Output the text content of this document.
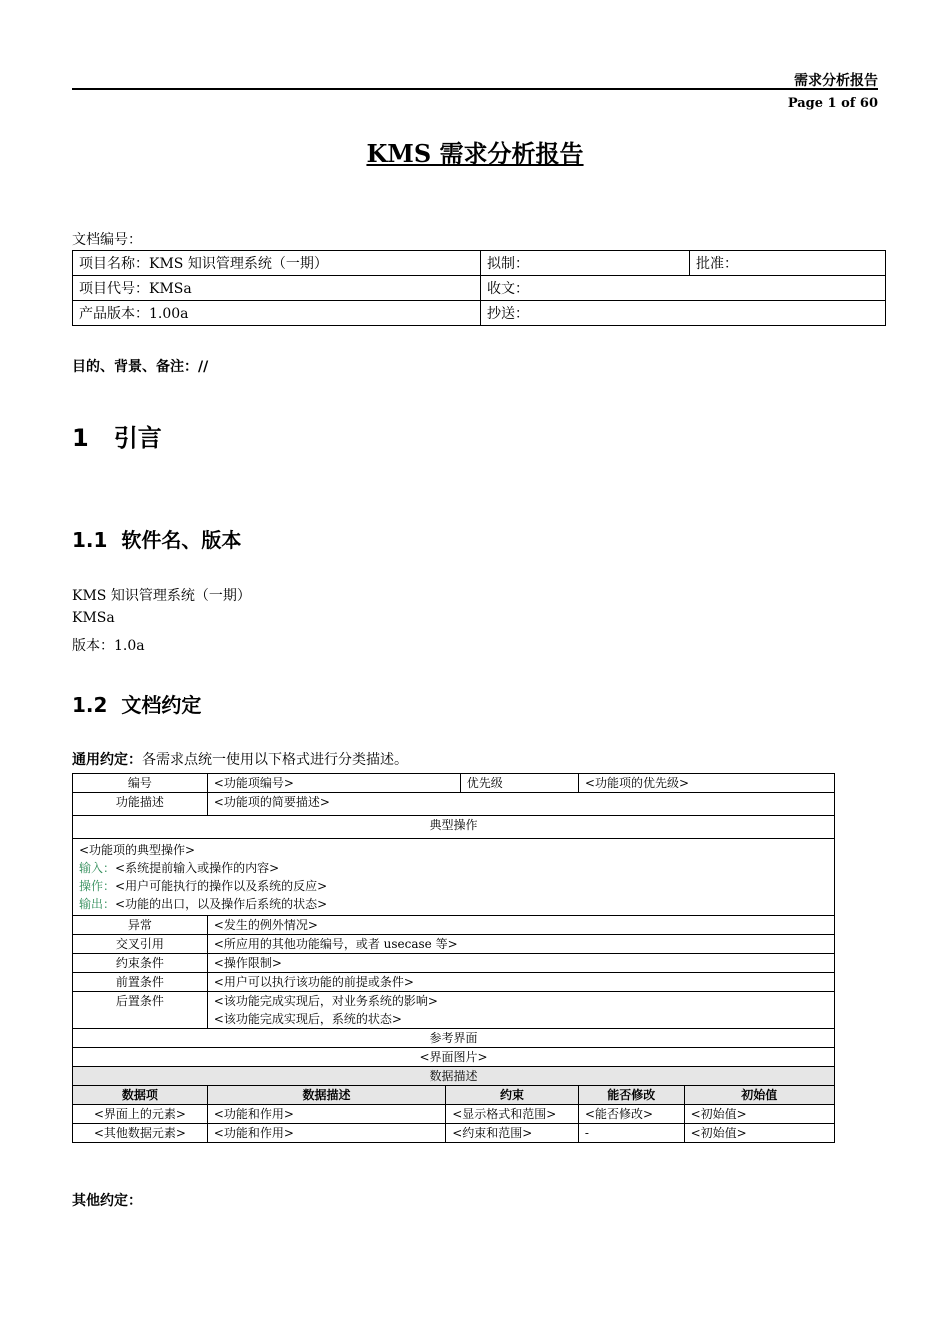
需求分析报告
Page 1 of 60
KMS 需求分析报告
文档编号：
项目名称：KMS 知识管理系统（一期）	拟制：	批准：
项目代号：KMSa	收文：	
产品版本：1.00a	抄送：	
目的、背景、备注：//
1 引言
1.1 软件名、版本
KMS 知识管理系统（一期）
KMSa
版本：1.0a
1.2 文档约定
通用约定：各需求点统一使用以下格式进行分类描述。
编号	<功能项编号>		优先级	<功能项的优先级>	
功能描述	<功能项的简要描述>				
典型操作					

<功能项的典型操作>
输入：<系统提前输入或操作的内容>
操作：<用户可能执行的操作以及系统的反应>
输出：<功能的出口，以及操作后系统的状态>					

异常	<发生的例外情况>				
交叉引用	<所应用的其他功能编号，或者 usecase 等>				
约束条件	<操作限制>				
前置条件	<用户可以执行该功能的前提或条件>				
后置条件	<该功能完成实现后，对业务系统的影响>
<该功能完成实现后，系统的状态>				

参考界面					
<界面图片>					
数据描述					
数据项	数据描述	约束		能否修改	初始值
<界面上的元素>	<功能和作用>	<显示格式和范围>		<能否修改>	<初始值>
<其他数据元素>	<功能和作用>	<约束和范围>		-	<初始值>
其他约定：
